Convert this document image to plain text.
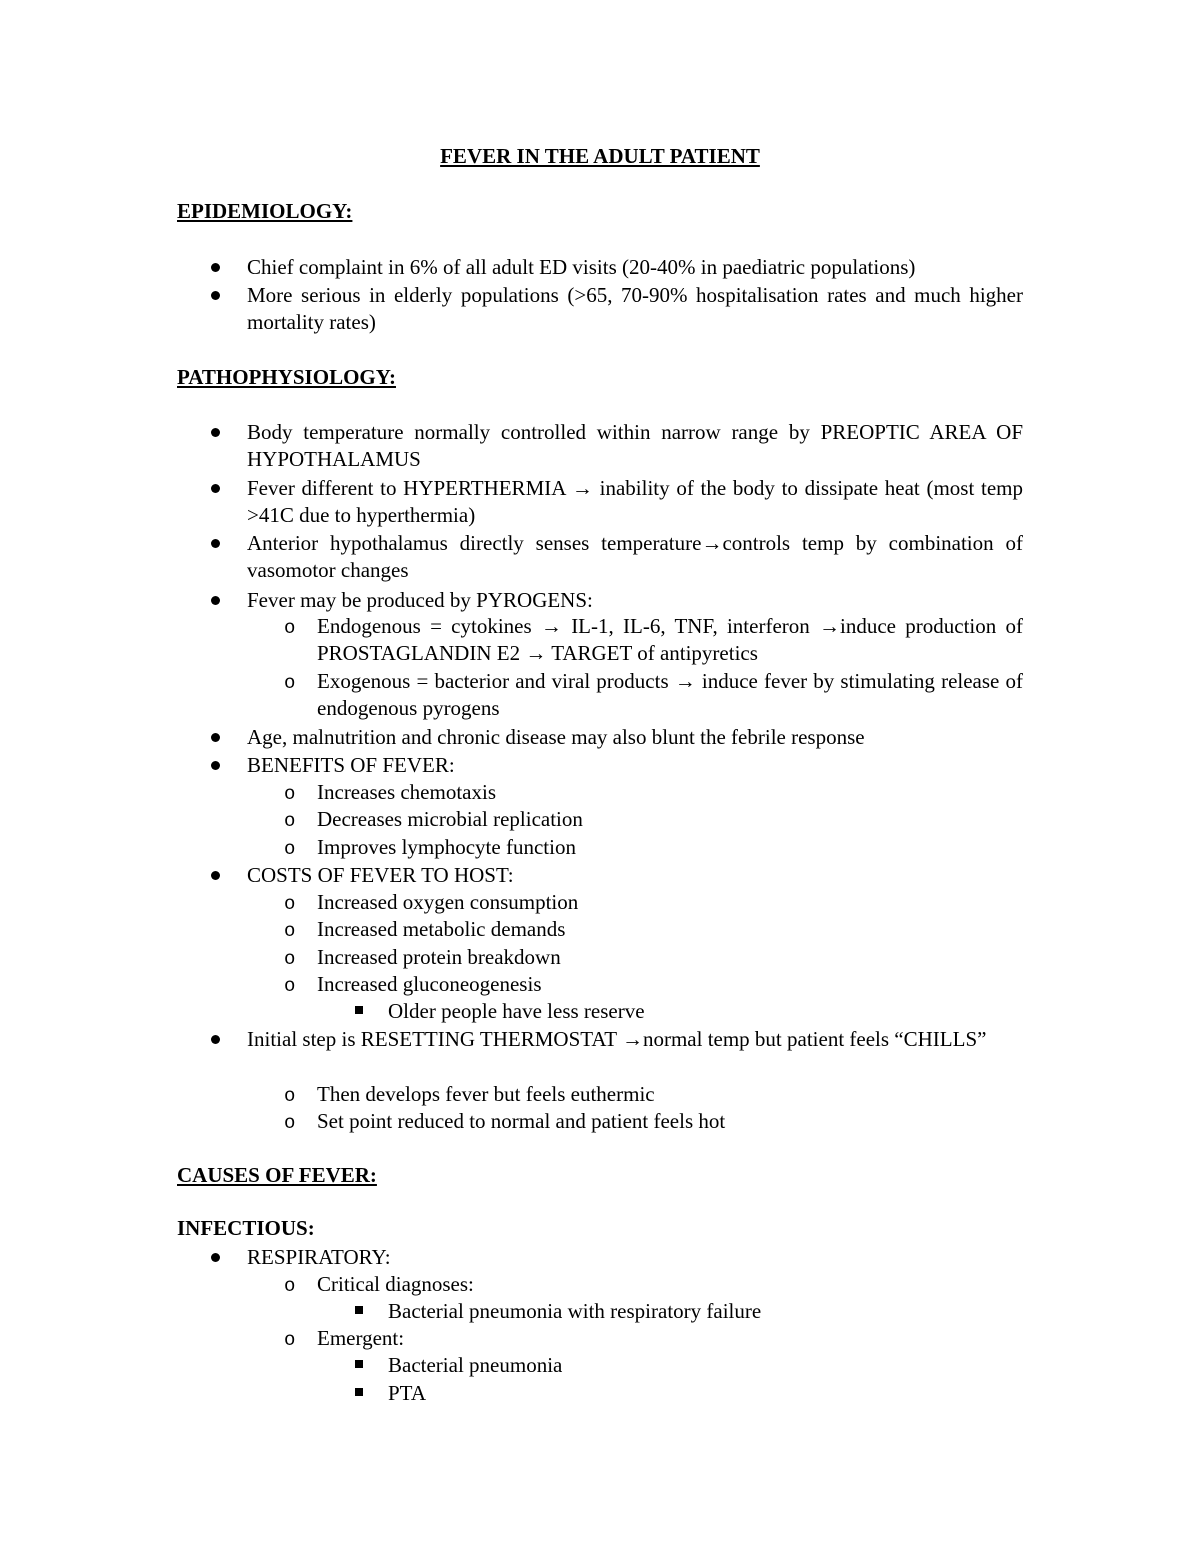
FEVER IN THE ADULT PATIENT
EPIDEMIOLOGY:
Chief complaint in 6% of all adult ED visits (20-40% in paediatric populations)
More serious in elderly populations (>65, 70-90% hospitalisation rates and much higher mortality rates)
PATHOPHYSIOLOGY:
Body temperature normally controlled within narrow range by PREOPTIC AREA OF HYPOTHALAMUS
Fever different to HYPERTHERMIA → inability of the body to dissipate heat (most temp >41C due to hyperthermia)
Anterior hypothalamus directly senses temperature→controls temp by combination of vasomotor changes
Fever may be produced by PYROGENS:
o
Endogenous = cytokines → IL-1, IL-6, TNF, interferon →induce production of PROSTAGLANDIN E2 → TARGET of antipyretics
o
Exogenous = bacterior and viral products → induce fever by stimulating release of endogenous pyrogens
Age, malnutrition and chronic disease may also blunt the febrile response
BENEFITS OF FEVER:
o
Increases chemotaxis
o
Decreases microbial replication
o
Improves lymphocyte function
COSTS OF FEVER TO HOST:
o
Increased oxygen consumption
o
Increased metabolic demands
o
Increased protein breakdown
o
Increased gluconeogenesis
Older people have less reserve
Initial step is RESETTING THERMOSTAT →normal temp but patient feels “CHILLS”
o
Then develops fever but feels euthermic
o
Set point reduced to normal and patient feels hot
CAUSES OF FEVER:
INFECTIOUS:
RESPIRATORY:
o
Critical diagnoses:
Bacterial pneumonia with respiratory failure
o
Emergent:
Bacterial pneumonia
PTA
